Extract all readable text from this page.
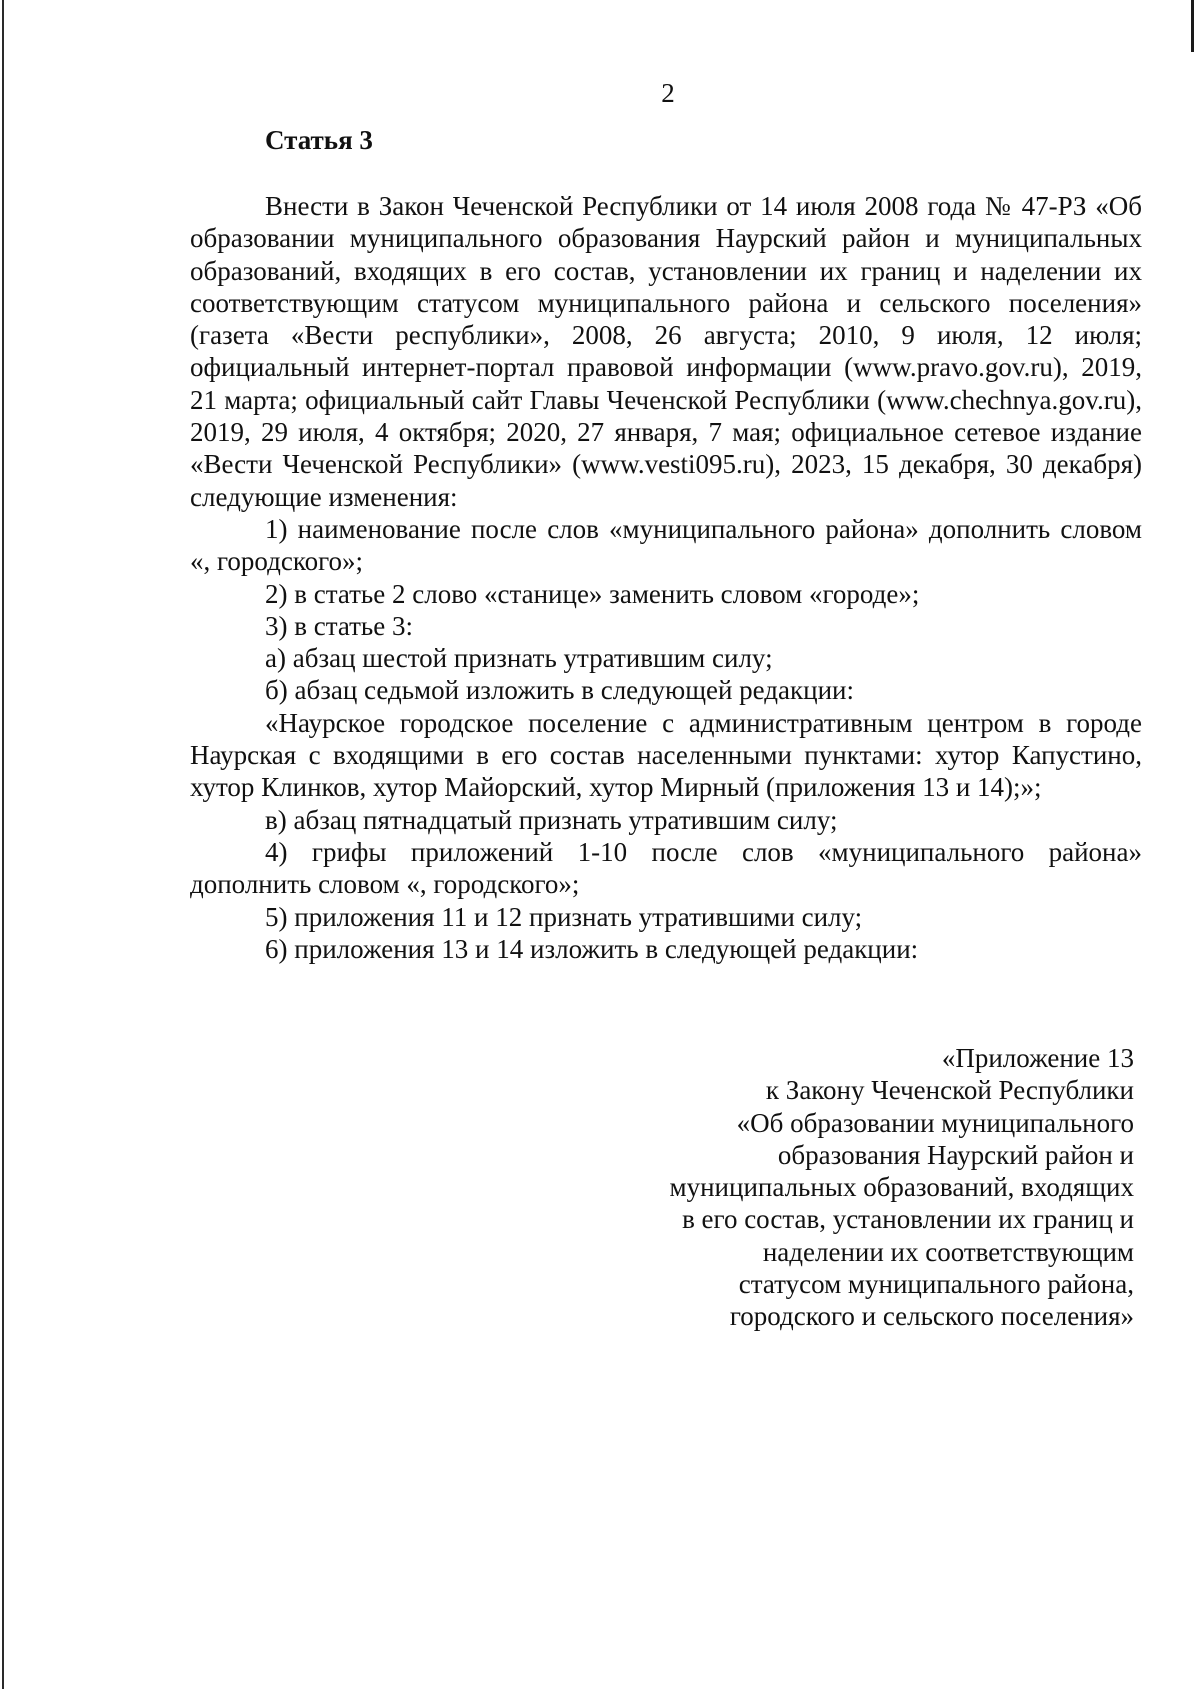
2
Статья 3

Внести в Закон Чеченской Республики от 14 июля 2008 года № 47-РЗ «Об образовании муниципального образования Наурский район и муниципальных образований, входящих в его состав, установлении их границ и наделении их соответствующим статусом муниципального района и сельского поселения» (газета «Вести республики», 2008, 26 августа; 2010, 9 июля, 12 июля; официальный интернет-портал правовой информации (www.pravo.gov.ru), 2019, 21 марта; официальный сайт Главы Чеченской Республики (www.chechnya.gov.ru), 2019, 29 июля, 4 октября; 2020, 27 января, 7 мая; официальное сетевое издание «Вести Чеченской Республики» (www.vesti095.ru), 2023, 15 декабря, 30 декабря) следующие изменения:

1) наименование после слов «муниципального района» дополнить словом «, городского»;

2) в статье 2 слово «станице» заменить словом «городе»;

3) в статье 3:

а) абзац шестой признать утратившим силу;

б) абзац седьмой изложить в следующей редакции:

«Наурское городское поселение с административным центром в городе Наурская с входящими в его состав населенными пунктами: хутор Капустино, хутор Клинков, хутор Майорский, хутор Мирный (приложения 13 и 14);»;

в) абзац пятнадцатый признать утратившим силу;

4) грифы приложений 1-10 после слов «муниципального района» дополнить словом «, городского»;

5) приложения 11 и 12 признать утратившими силу;

6) приложения 13 и 14 изложить в следующей редакции:

«Приложение 13
к Закону Чеченской Республики
«Об образовании муниципального
образования Наурский район и
муниципальных образований, входящих
в его состав, установлении их границ и
наделении их соответствующим
статусом муниципального района,
городского и сельского поселения»
